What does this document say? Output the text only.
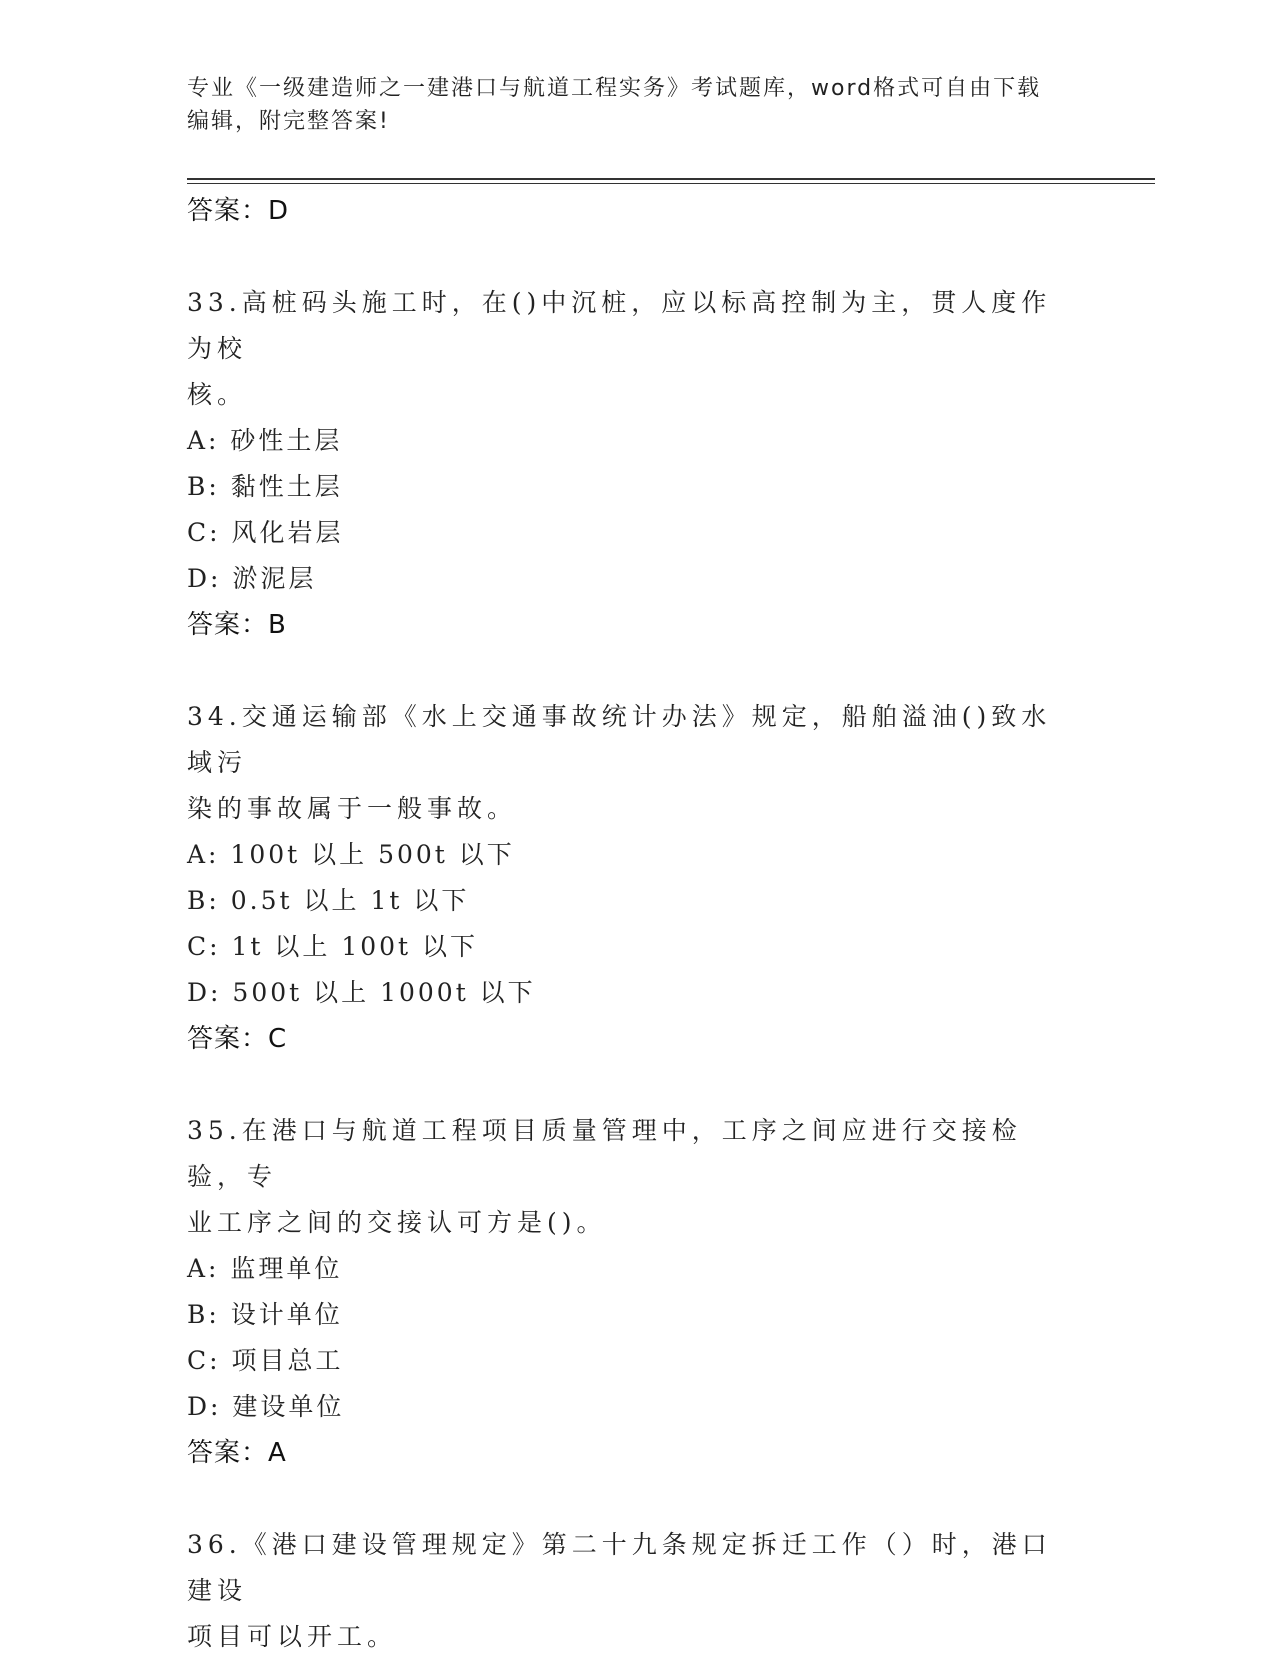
专业《一级建造师之一建港口与航道工程实务》考试题库，word格式可自由下载
编辑，附完整答案!
答案：D
33.高桩码头施工时，在()中沉桩，应以标高控制为主，贯人度作为校
核。
A: 砂性土层
B: 黏性土层
C: 风化岩层
D: 淤泥层
答案：B
34.交通运输部《水上交通事故统计办法》规定，船舶溢油()致水域污
染的事故属于一般事故。
A: 100t 以上 500t 以下
B: 0.5t 以上 1t 以下
C: 1t 以上 100t 以下
D: 500t 以上 1000t 以下
答案：C
35.在港口与航道工程项目质量管理中，工序之间应进行交接检验，专
业工序之间的交接认可方是()。
A: 监理单位
B: 设计单位
C: 项目总工
D: 建设单位
答案：A
36.《港口建设管理规定》第二十九条规定拆迁工作（）时，港口建设
项目可以开工。
